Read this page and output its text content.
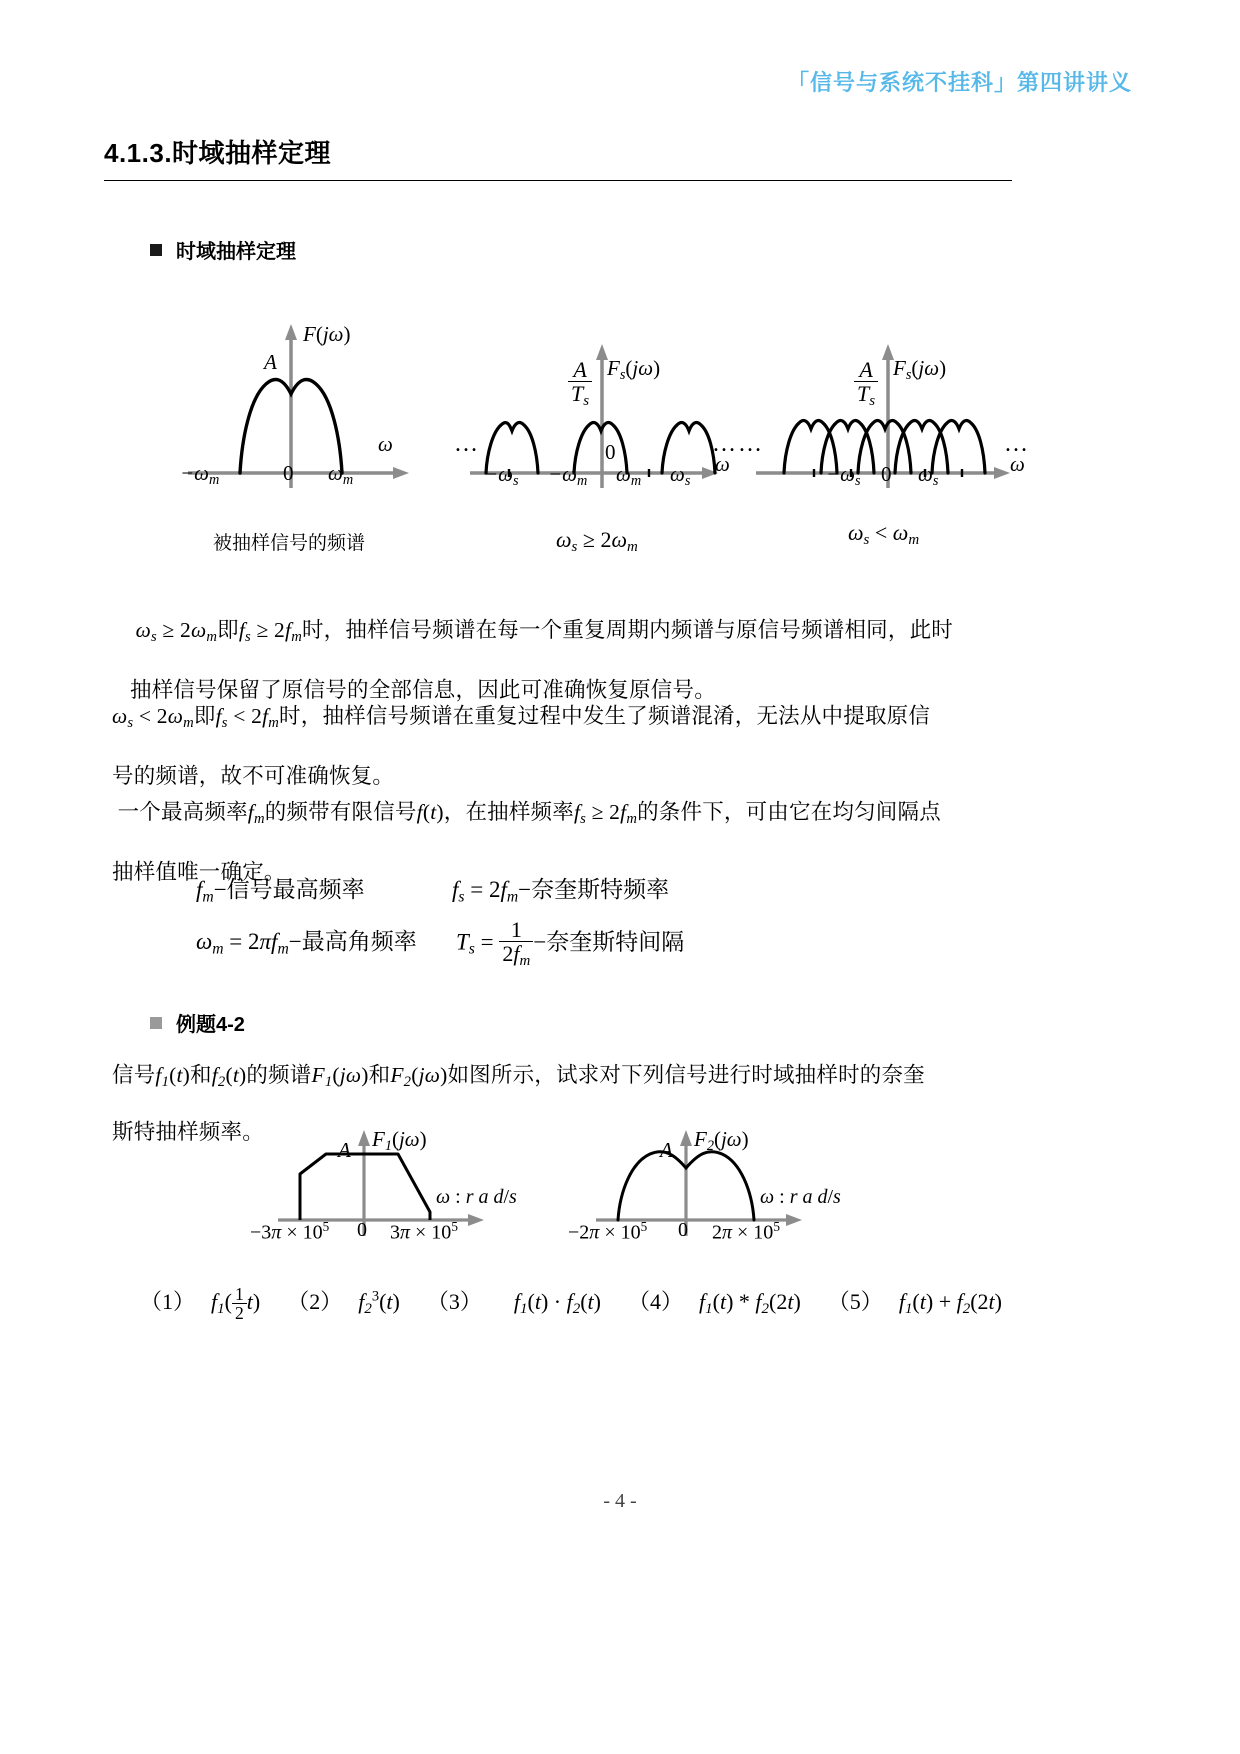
「信号与系统不挂科」第四讲讲义
4.1.3.时域抽样定理
时域抽样定理
$-\omega_m$	0 $\omega_m$
F(jω)
A
ω
被抽样信号的频谱
…	…
$F_s(j\omega)$
$\frac{A}{T_s}$
0
$-\omega_s -\omega_m$ $\omega_m$ $\omega_s$
ω
$\omega_s \ge 2\omega_m$
…	…
$F_s(j\omega)$
$\frac{A}{T_s}$
$-\omega_s$ 0 $\omega_s$
ω
$\omega_s < \omega_m$
$\omega_s \ge 2\omega_m$即$f_s \ge 2f_m$时，抽样信号频谱在每一个重复周期内频谱与原信号频谱相同，此时
抽样信号保留了原信号的全部信息，因此可准确恢复原信号。
$\omega_s < 2\omega_m$即$f_s < 2f_m$时，抽样信号频谱在重复过程中发生了频谱混淆，无法从中提取原信
号的频谱，故不可准确恢复。
一个最高频率$f_m$的频带有限信号f(t)，在抽样频率$f_s \ge 2f_m$的条件下，可由它在均匀间隔点
抽样值唯一确定。
$f_m-$信号最高频率	$f_s = 2f_m-$奈奎斯特频率
$\omega_m = 2\pi f_m-$最高角频率 $T_s = \frac{1}{2f_m}$ −奈奎斯特间隔
例题4-2
信号$f_1(t)$和$f_2(t)$的频谱$F_1(j\omega)$和$F_2(j\omega)$如图所示，试求对下列信号进行时域抽样时的奈奎
斯特抽样频率。	$F_1(j\omega)$
A
ω : r a d/s
$-3\pi \times 10^5$ 0 $3\pi \times 10^5$
$F_2(j\omega)$
A
ω : r a d/s
$-2\pi \times 10^5$ 0 $2\pi \times 10^5$
（1） $f_1( \frac{1}{2} t)$ （2） $f_2^3(t)$ （3） $f_1(t) \cdot f_2(t)$ （4） $f_1(t) * f_2(2t)$ （5） $f_1(t) + f_2(2t)$
- 4 -
